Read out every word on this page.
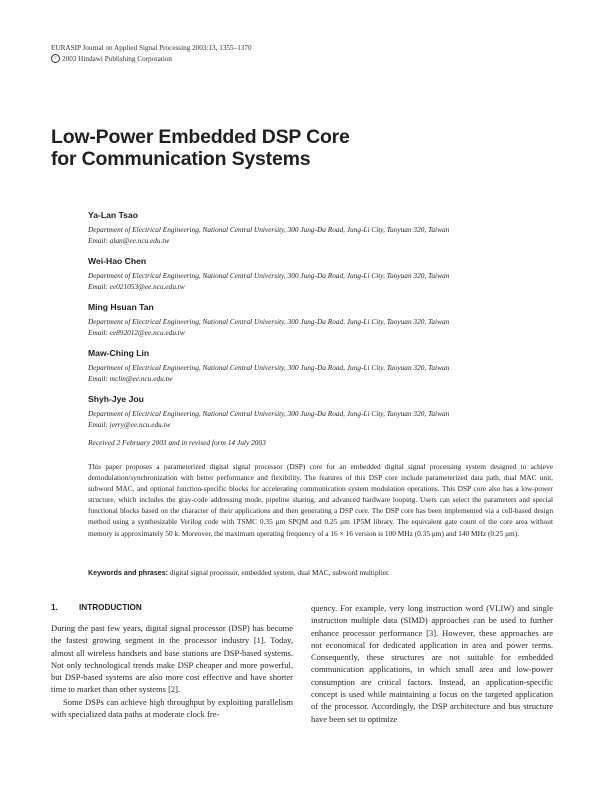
EURASIP Journal on Applied Signal Processing 2003:13, 1355–1370
c 2003 Hindawi Publishing Corporation
Low-Power Embedded DSP Core
for Communication Systems
Ya-Lan Tsao
Department of Electrical Engineering, National Central University, 300 Jung-Da Road, Jung-Li City, Taoyuan 320, Taiwan
Email: alan@ee.ncu.edu.tw
Wei-Hao Chen
Department of Electrical Engineering, National Central University, 300 Jung-Da Road, Jung-Li City, Taoyuan 320, Taiwan
Email: ee021053@ee.ncu.edu.tw
Ming Hsuan Tan
Department of Electrical Engineering, National Central University, 300 Jung-Da Road, Jung-Li City, Taoyuan 320, Taiwan
Email: ee892012@ee.ncu.edu.tw
Maw-Ching Lin
Department of Electrical Engineering, National Central University, 300 Jung-Da Road, Jung-Li City, Taoyuan 320, Taiwan
Email: mclin@ee.ncu.edu.tw
Shyh-Jye Jou
Department of Electrical Engineering, National Central University, 300 Jung-Da Road, Jung-Li City, Taoyuan 320, Taiwan
Email: jerry@ee.ncu.edu.tw
Received 2 February 2003 and in revised form 14 July 2003
This paper proposes a parameterized digital signal processor (DSP) core for an embedded digital signal processing system designed to achieve demodulation/synchronization with better performance and flexibility. The features of this DSP core include parameterized data path, dual MAC unit, subword MAC, and optional function-specific blocks for accelerating communication system modulation operations. This DSP core also has a low-power structure, which includes the gray-code addressing mode, pipeline sharing, and advanced hardware looping. Users can select the parameters and special functional blocks based on the character of their applications and then generating a DSP core. The DSP core has been implemented via a cell-based design method using a synthesizable Verilog code with TSMC 0.35 μm SPQM and 0.25 μm 1P5M library. The equivalent gate count of the core area without memory is approximately 50 k. Moreover, the maximum operating frequency of a 16 × 16 version is 100 MHz (0.35 μm) and 140 MHz (0.25 μm).
Keywords and phrases: digital signal processor, embedded system, dual MAC, subword multiplier.
1.	INTRODUCTION

During the past few years, digital signal processor (DSP) has become the fastest growing segment in the processor industry [1]. Today, almost all wireless handsets and base stations are DSP-based systems. Not only technological trends make DSP cheaper and more powerful, but DSP-based systems are also more cost effective and have shorter time to market than other systems [2].

Some DSPs can achieve high throughput by exploiting parallelism with specialized data paths at moderate clock fre-

quency. For example, very long instruction word (VLIW) and single instruction multiple data (SIMD) approaches can be used to further enhance processor performance [3]. However, these approaches are not economical for dedicated application in area and power terms. Consequently, these structures are not suitable for embedded communication applications, in which small area and low-power consumption are critical factors. Instead, an application-specific concept is used while maintaining a focus on the targeted application of the processor. Accordingly, the DSP architecture and bus structure have been set to optimize
